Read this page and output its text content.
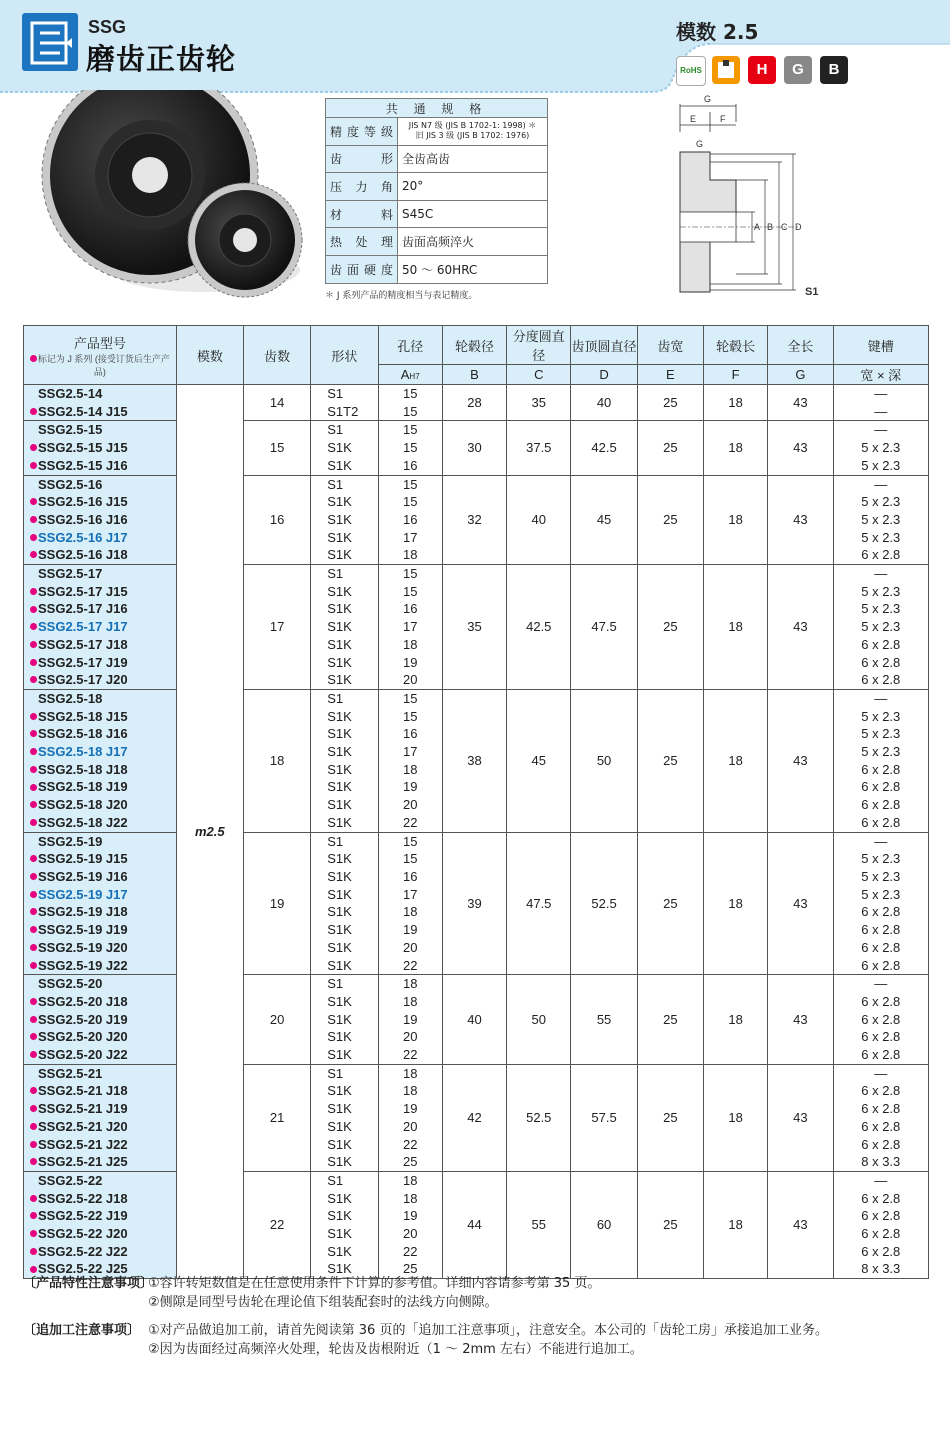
SSG
磨齿正齿轮
模数 2.5
RoHS	H	G	B
共 通 规 格	
精度等级	JIS N7 级 (JIS B 1702-1: 1998) ＊
旧 JIS 3 级 (JIS B 1702: 1976)
齿　　形	全齿高齿
压 力 角	20°
材　　料	S45C
热 处 理	齿面高频淬火
齿面硬度	50 ～ 60HRC
＊ J 系列产品的精度相当与表记精度。
G
E	F
G
A B C D
S1
产品型号
标记为 J 系列 (接受订货后生产产品)	模数	齿数	形状	孔径	轮毂径	分度圆直径	齿顶圆直径	齿宽	轮毂长	全长	键槽
				AH7	B	C	D	E	F	G	宽 × 深
SSG2.5-14	m2.5	14	S1	15	28	35	40	25	18	43	—
SSG2.5-14 J15			S1T2	15							—
SSG2.5-15		15	S1	15	30	37.5	42.5	25	18	43	—
SSG2.5-15 J15			S1K	15							5 x 2.3
SSG2.5-15 J16			S1K	16							5 x 2.3
SSG2.5-16		16	S1	15	32	40	45	25	18	43	—
SSG2.5-16 J15			S1K	15							5 x 2.3
SSG2.5-16 J16			S1K	16							5 x 2.3
SSG2.5-16 J17			S1K	17							5 x 2.3
SSG2.5-16 J18			S1K	18							6 x 2.8
SSG2.5-17		17	S1	15	35	42.5	47.5	25	18	43	—
SSG2.5-17 J15			S1K	15							5 x 2.3
SSG2.5-17 J16			S1K	16							5 x 2.3
SSG2.5-17 J17			S1K	17							5 x 2.3
SSG2.5-17 J18			S1K	18							6 x 2.8
SSG2.5-17 J19			S1K	19							6 x 2.8
SSG2.5-17 J20			S1K	20							6 x 2.8
SSG2.5-18		18	S1	15	38	45	50	25	18	43	—
SSG2.5-18 J15			S1K	15							5 x 2.3
SSG2.5-18 J16			S1K	16							5 x 2.3
SSG2.5-18 J17			S1K	17							5 x 2.3
SSG2.5-18 J18			S1K	18							6 x 2.8
SSG2.5-18 J19			S1K	19							6 x 2.8
SSG2.5-18 J20			S1K	20							6 x 2.8
SSG2.5-18 J22			S1K	22							6 x 2.8
SSG2.5-19		19	S1	15	39	47.5	52.5	25	18	43	—
SSG2.5-19 J15			S1K	15							5 x 2.3
SSG2.5-19 J16			S1K	16							5 x 2.3
SSG2.5-19 J17			S1K	17							5 x 2.3
SSG2.5-19 J18			S1K	18							6 x 2.8
SSG2.5-19 J19			S1K	19							6 x 2.8
SSG2.5-19 J20			S1K	20							6 x 2.8
SSG2.5-19 J22			S1K	22							6 x 2.8
SSG2.5-20		20	S1	18	40	50	55	25	18	43	—
SSG2.5-20 J18			S1K	18							6 x 2.8
SSG2.5-20 J19			S1K	19							6 x 2.8
SSG2.5-20 J20			S1K	20							6 x 2.8
SSG2.5-20 J22			S1K	22							6 x 2.8
SSG2.5-21		21	S1	18	42	52.5	57.5	25	18	43	—
SSG2.5-21 J18			S1K	18							6 x 2.8
SSG2.5-21 J19			S1K	19							6 x 2.8
SSG2.5-21 J20			S1K	20							6 x 2.8
SSG2.5-21 J22			S1K	22							6 x 2.8
SSG2.5-21 J25			S1K	25							8 x 3.3
SSG2.5-22		22	S1	18	44	55	60	25	18	43	—
SSG2.5-22 J18			S1K	18							6 x 2.8
SSG2.5-22 J19			S1K	19							6 x 2.8
SSG2.5-22 J20			S1K	20							6 x 2.8
SSG2.5-22 J22			S1K	22							6 x 2.8
SSG2.5-22 J25			S1K	25							8 x 3.3
〔产品特性注意事项〕
①容许转矩数值是在任意使用条件下计算的参考值。详细内容请参考第 35 页。
②侧隙是同型号齿轮在理论值下组装配套时的法线方向侧隙。
〔追加工注意事项〕 ①对产品做追加工前，请首先阅读第 36 页的「追加工注意事项」，注意安全。本公司的「齿轮工房」承接追加工业务。
②因为齿面经过高频淬火处理，轮齿及齿根附近（1 ～ 2mm 左右）不能进行追加工。
